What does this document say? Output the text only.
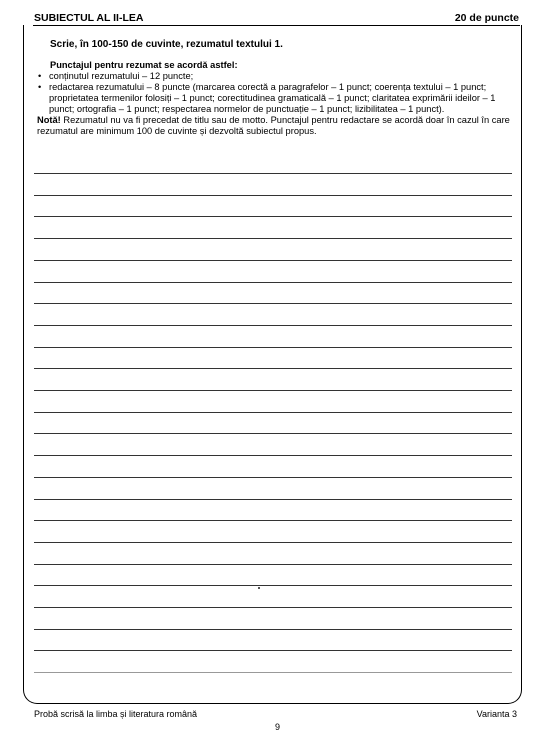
SUBIECTUL AL II-LEA	20 de puncte
Scrie, în 100-150 de cuvinte, rezumatul textului 1.
Punctajul pentru rezumat se acordă astfel:
• conținutul rezumatului – 12 puncte;
• redactarea rezumatului – 8 puncte (marcarea corectă a paragrafelor – 1 punct; coerența textului – 1 punct; proprietatea termenilor folosiți – 1 punct; corectitudinea gramaticală – 1 punct; claritatea exprimării ideilor – 1 punct; ortografia – 1 punct; respectarea normelor de punctuație – 1 punct; lizibilitatea – 1 punct).
Notă! Rezumatul nu va fi precedat de titlu sau de motto. Punctajul pentru redactare se acordă doar în cazul în care rezumatul are minimum 100 de cuvinte și dezvoltă subiectul propus.
Probă scrisă la limba și literatura română	Varianta 3
9
